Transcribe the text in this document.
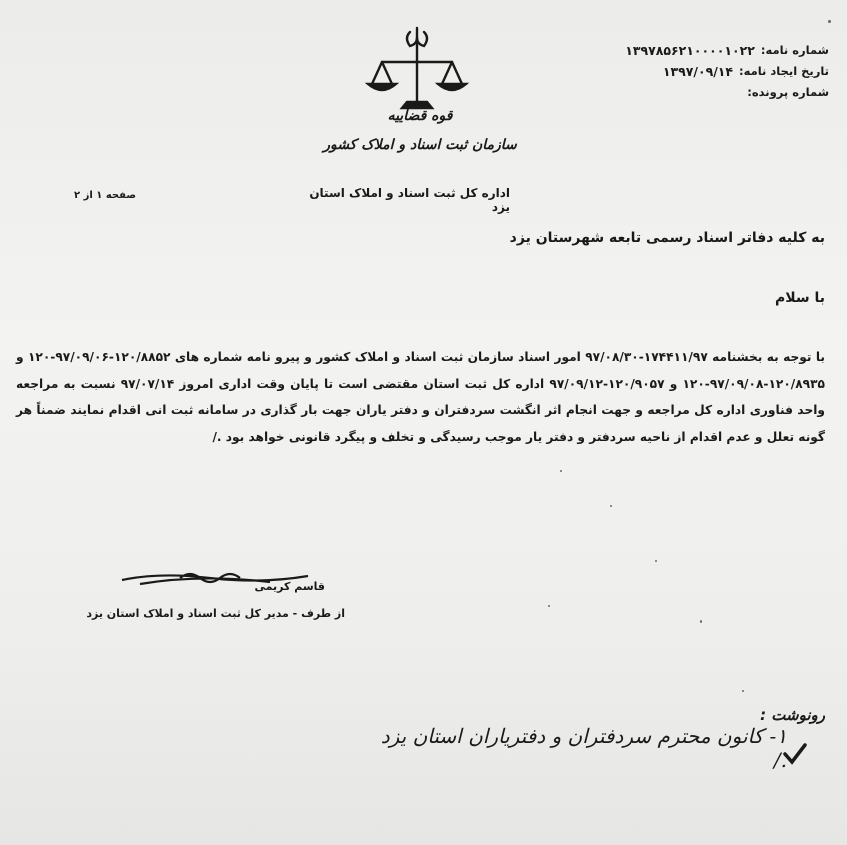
قوه قضاییه
سازمان ثبت اسناد و املاک کشور
اداره کل ثبت اسناد و املاک استان یزد
صفحه ۱ از ۲
شماره نامه:
۱۳۹۷۸۵۶۲۱۰۰۰۰۱۰۲۲
تاریخ ایجاد نامه:
۱۳۹۷/۰۹/۱۴
شماره پرونده:
به کلیه دفاتر اسناد رسمی تابعه شهرستان یزد
با سلام
با توجه به بخشنامه ۱۷۴۴۱۱/۹۷-۹۷/۰۸/۳۰ امور اسناد سازمان ثبت اسناد و املاک کشور و پیرو نامه شماره های ۱۲۰/۸۸۵۲-۹۷/۰۹/۰۶-۱۲۰ و ۱۲۰/۸۹۳۵-۹۷/۰۹/۰۸-۱۲۰ و ۱۲۰/۹۰۵۷-۹۷/۰۹/۱۲ اداره کل ثبت استان مقتضی است تا پایان وقت اداری امروز ۹۷/۰۷/۱۴ نسبت به مراجعه واحد فناوری اداره کل مراجعه و جهت انجام اثر انگشت سردفتران و دفتر یاران جهت بار گذاری در سامانه ثبت انی اقدام نمایند ضمناً هر گونه تعلل و عدم اقدام از ناحیه سردفتر و دفتر یار موجب رسیدگی و تخلف و پیگرد قانونی خواهد بود ./
قاسم کریمی
از طرف - مدیر کل ثبت اسناد و املاک استان یزد
رونوشت :
۱- کانون محترم سردفتران و دفتریاران استان یزد ./
